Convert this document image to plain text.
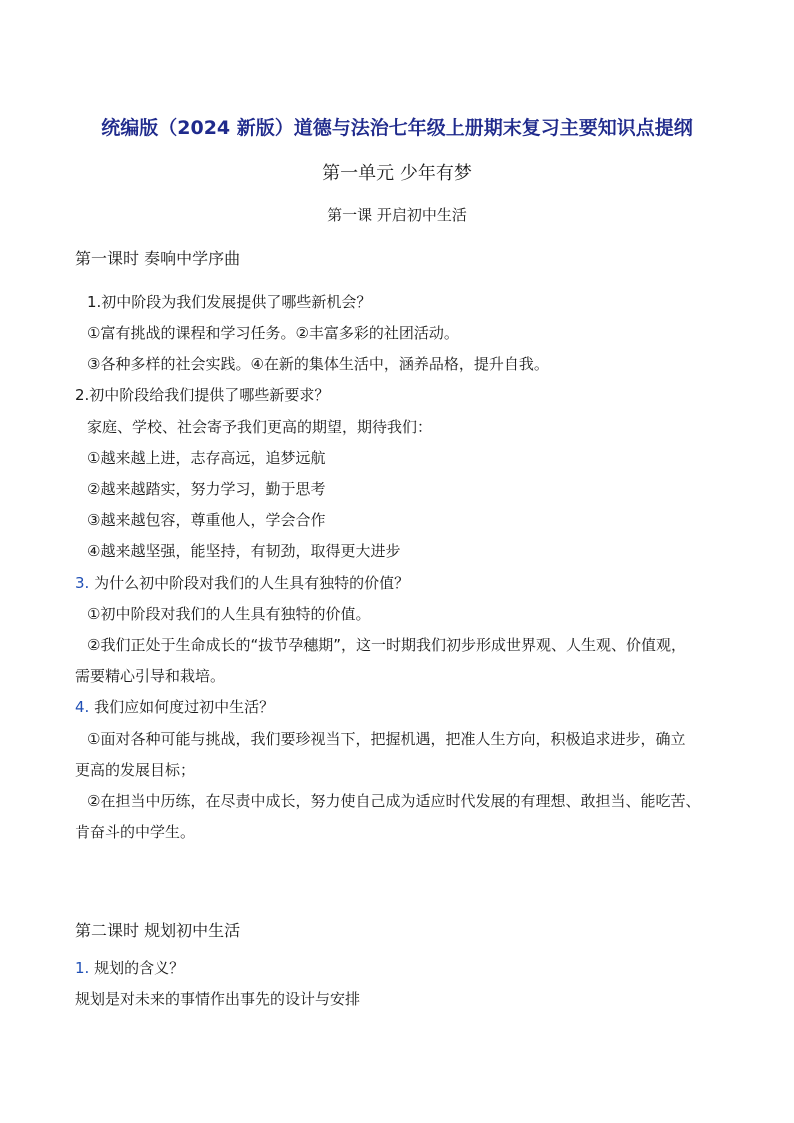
统编版（2024 新版）道德与法治七年级上册期末复习主要知识点提纲
第一单元 少年有梦
第一课 开启初中生活
第一课时 奏响中学序曲
1.初中阶段为我们发展提供了哪些新机会？
①富有挑战的课程和学习任务。②丰富多彩的社团活动。
③各种多样的社会实践。④在新的集体生活中，涵养品格，提升自我。
2.初中阶段给我们提供了哪些新要求？
家庭、学校、社会寄予我们更高的期望，期待我们：
①越来越上进，志存高远，追梦远航
②越来越踏实，努力学习，勤于思考
③越来越包容，尊重他人，学会合作
④越来越坚强，能坚持，有韧劲，取得更大进步
3. 为什么初中阶段对我们的人生具有独特的价值？
①初中阶段对我们的人生具有独特的价值。
②我们正处于生命成长的“拔节孕穗期”，这一时期我们初步形成世界观、人生观、价值观，
需要精心引导和栽培。
4. 我们应如何度过初中生活？
①面对各种可能与挑战，我们要珍视当下，把握机遇，把准人生方向，积极追求进步，确立
更高的发展目标；
②在担当中历练，在尽责中成长，努力使自己成为适应时代发展的有理想、敢担当、能吃苦、
肯奋斗的中学生。
第二课时 规划初中生活
1. 规划的含义？
规划是对未来的事情作出事先的设计与安排
